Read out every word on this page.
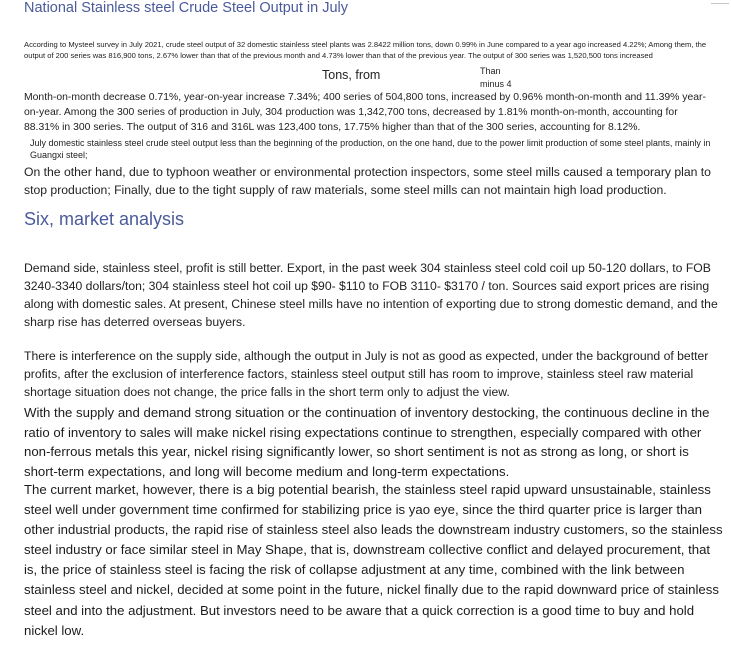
National Stainless steel Crude Steel Output in July
According to Mysteel survey in July 2021, crude steel output of 32 domestic stainless steel plants was 2.8422 million tons, down 0.99% in June compared to a year ago increased 4.22%; Among them, the output of 200 series was 816,900 tons, 2.67% lower than that of the previous month and 4.73% lower than that of the previous year. The output of 300 series was 1,520,500 tons increased
Tons, from	Than minus 4
Month-on-month decrease 0.71%, year-on-year increase 7.34%; 400 series of 504,800 tons, increased by 0.96% month-on-month and 11.39% year-on-year. Among the 300 series of production in July, 304 production was 1,342,700 tons, decreased by 1.81% month-on-month, accounting for 88.31% in 300 series. The output of 316 and 316L was 123,400 tons, 17.75% higher than that of the 300 series, accounting for 8.12%.
July domestic stainless steel crude steel output less than the beginning of the production, on the one hand, due to the power limit production of some steel plants, mainly in Guangxi steel;
On the other hand, due to typhoon weather or environmental protection inspectors, some steel mills caused a temporary plan to stop production; Finally, due to the tight supply of raw materials, some steel mills can not maintain high load production.
Six, market analysis
Demand side, stainless steel, profit is still better. Export, in the past week 304 stainless steel cold coil up 50-120 dollars, to FOB 3240-3340 dollars/ton; 304 stainless steel hot coil up $90- $110 to FOB 3110- $3170 / ton. Sources said export prices are rising along with domestic sales. At present, Chinese steel mills have no intention of exporting due to strong domestic demand, and the sharp rise has deterred overseas buyers.
There is interference on the supply side, although the output in July is not as good as expected, under the background of better profits, after the exclusion of interference factors, stainless steel output still has room to improve, stainless steel raw material shortage situation does not change, the price falls in the short term only to adjust the view.
With the supply and demand strong situation or the continuation of inventory destocking, the continuous decline in the ratio of inventory to sales will make nickel rising expectations continue to strengthen, especially compared with other non-ferrous metals this year, nickel rising significantly lower, so short sentiment is not as strong as long, or short is short-term expectations, and long will become medium and long-term expectations.
The current market, however, there is a big potential bearish, the stainless steel rapid upward unsustainable, stainless steel well under government time confirmed for stabilizing price is yao eye, since the third quarter price is larger than other industrial products, the rapid rise of stainless steel also leads the downstream industry customers, so the stainless steel industry or face similar steel in May Shape, that is, downstream collective conflict and delayed procurement, that is, the price of stainless steel is facing the risk of collapse adjustment at any time, combined with the link between stainless steel and nickel, decided at some point in the future, nickel finally due to the rapid downward price of stainless steel and into the adjustment. But investors need to be aware that a quick correction is a good time to buy and hold nickel low.
